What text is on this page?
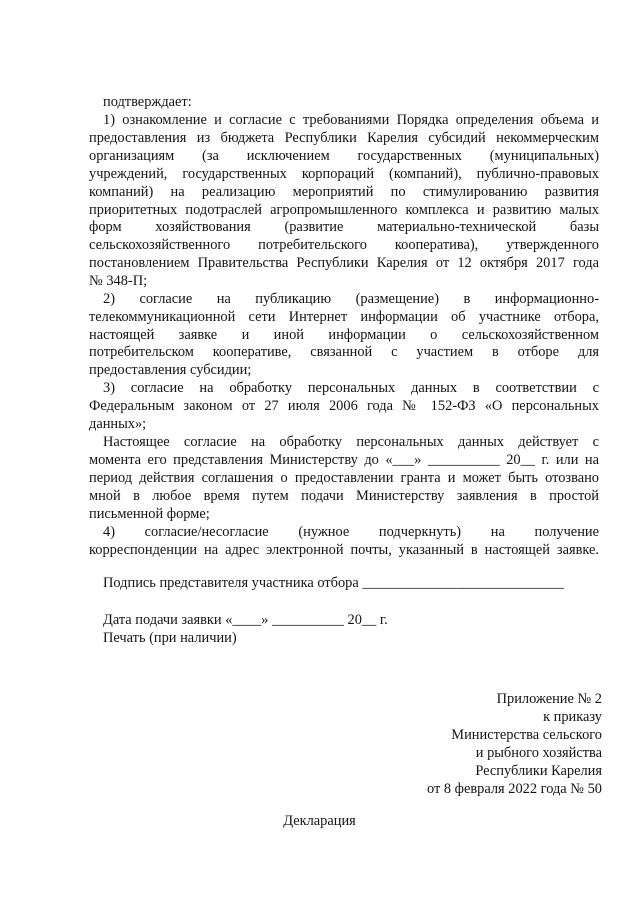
подтверждает:
1) ознакомление и согласие с требованиями Порядка определения объема и
предоставления из бюджета Республики Карелия субсидий некоммерческим
организациям (за исключением государственных (муниципальных)
учреждений, государственных корпораций (компаний), публично-правовых
компаний) на реализацию мероприятий по стимулированию развития
приоритетных подотраслей агропромышленного комплекса и развитию малых
форм хозяйствования (развитие материально-технической базы
сельскохозяйственного потребительского кооператива), утвержденного
постановлением Правительства Республики Карелия от 12 октября 2017 года
№ 348-П;
2) согласие на публикацию (размещение) в информационно-
телекоммуникационной сети Интернет информации об участнике отбора,
настоящей заявке и иной информации о сельскохозяйственном
потребительском кооперативе, связанной с участием в отборе для
предоставления субсидии;
3) согласие на обработку персональных данных в соответствии с
Федеральным законом от 27 июля 2006 года № 152-ФЗ «О персональных
данных»;
Настоящее согласие на обработку персональных данных действует с
момента его представления Министерству до «___» __________ 20__ г. или на
период действия соглашения о предоставлении гранта и может быть отозвано
мной в любое время путем подачи Министерству заявления в простой
письменной форме;
4) согласие/несогласие (нужное подчеркнуть) на получение
корреспонденции на адрес электронной почты, указанный в настоящей заявке.
Подпись представителя участника отбора ____________________________
Дата подачи заявки «____» __________ 20__ г.
Печать (при наличии)
Приложение № 2
к приказу
Министерства сельского
и рыбного хозяйства
Республики Карелия
от 8 февраля 2022 года № 50
Декларация
